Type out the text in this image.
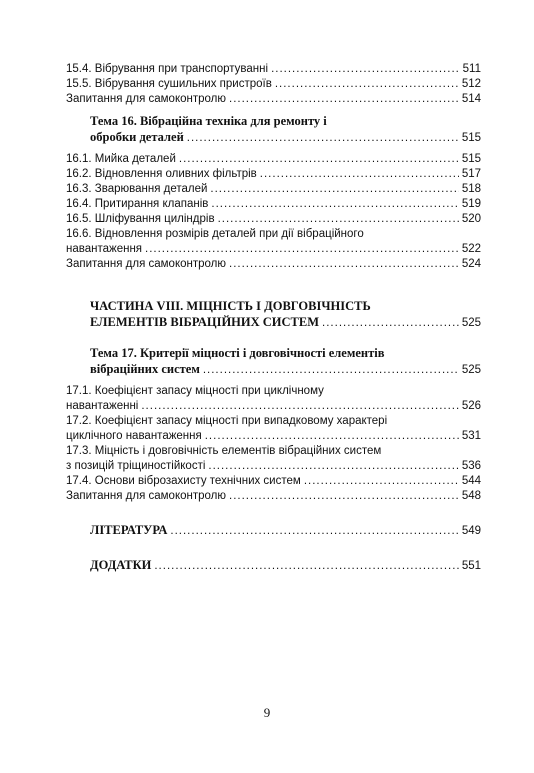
15.4. Вібрування при транспортуванні .....	511
15.5. Вібрування сушильних пристроїв .....	512
Запитання для самоконтролю .....	514
Тема 16. Вібраційна техніка для ремонту і
обробки деталей .....	515
16.1. Мийка деталей .....	515
16.2. Відновлення оливних фільтрів .....	517
16.3. Зварювання деталей .....	518
16.4. Притирання клапанів .....	519
16.5. Шліфування циліндрів .....	520
16.6. Відновлення розмірів деталей при дії вібраційного
навантаження .....	522
Запитання для самоконтролю .....	524
ЧАСТИНА VIII. МІЦНІСТЬ І ДОВГОВІЧНІСТЬ
ЕЛЕМЕНТІВ ВІБРАЦІЙНИХ СИСТЕМ .....	525
Тема 17. Критерії міцності і довговічності елементів
вібраційних систем .....	525
17.1. Коефіцієнт запасу міцності при циклічному
навантаженні .....	526
17.2. Коефіцієнт запасу міцності при випадковому характері
циклічного навантаження .....	531
17.3. Міцність і довговічність елементів вібраційних систем
з позицій тріщиностійкості .....	536
17.4. Основи віброзахисту технічних систем .....	544
Запитання для самоконтролю .....	548
ЛІТЕРАТУРА .....	549
ДОДАТКИ .....	551
9
